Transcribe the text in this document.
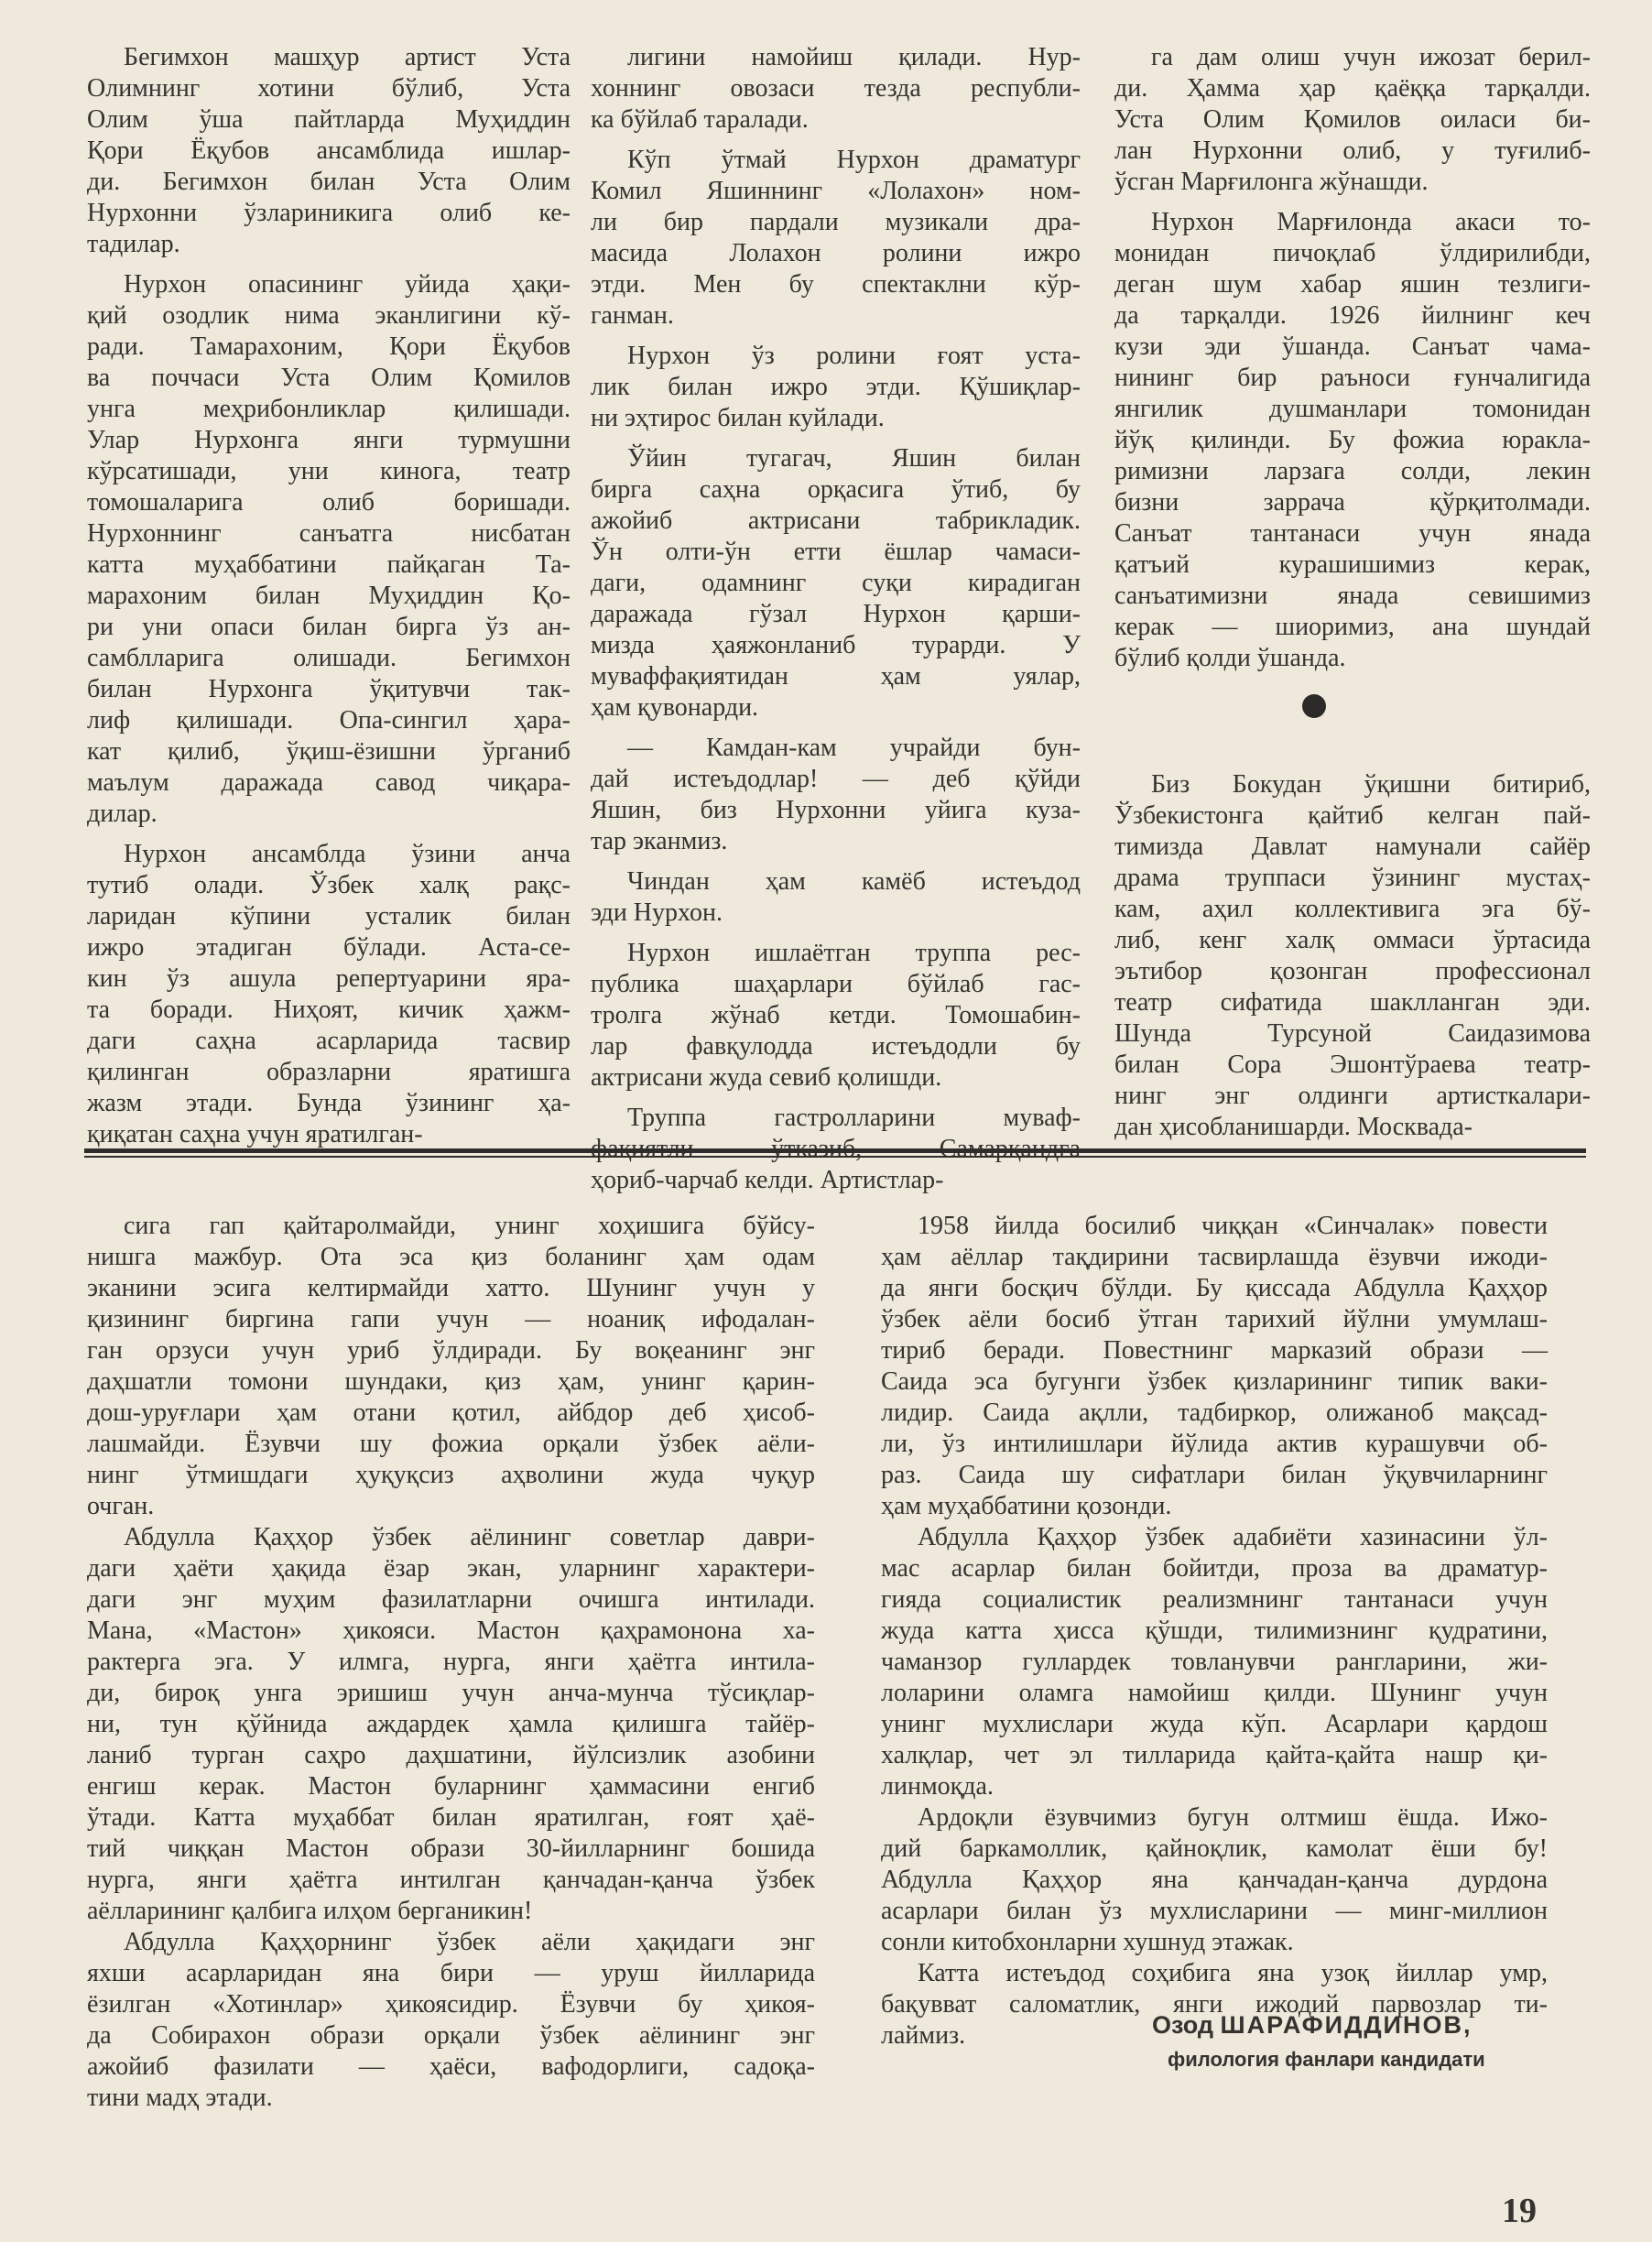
Бегимхон машҳур артист Уста
Олимнинг хотини бўлиб, Уста
Олим ўша пайтларда Муҳиддин
Қори Ёқубов ансамблида ишлар-
ди. Бегимхон билан Уста Олим
Нурхонни ўзлариникига олиб ке-
тадилар.
Нурхон опасининг уйида ҳақи-
қий озодлик нима эканлигини кў-
ради. Тамарахоним, Қори Ёқубов
ва поччаси Уста Олим Қомилов
унга меҳрибонликлар қилишади.
Улар Нурхонга янги турмушни
кўрсатишади, уни киногa, театр
томошаларига олиб боришади.
Нурхоннинг санъатга нисбатан
катта муҳаббатини пайқаган Та-
марахоним билан Муҳиддин Қо-
ри уни опаси билан бирга ўз ан-
самблларига олишади. Бегимхон
билан Нурхонга ўқитувчи так-
лиф қилишади. Опа-сингил ҳара-
кат қилиб, ўқиш-ёзишни ўрганиб
маълум даражада савод чиқара-
дилар.
Нурхон ансамблда ўзини анча
тутиб олади. Ўзбек халқ рақс-
ларидан кўпини усталик билан
ижро этадиган бўлади. Аста-се-
кин ўз ашула репертуарини яра-
та боради. Ниҳоят, кичик ҳажм-
даги саҳна асарларида тасвир
қилинган образларни яратишга
жазм этади. Бунда ўзининг ҳа-
қиқатан саҳна учун яратилган-
лигини намойиш қилади. Нур-
хоннинг овозаси тезда республи-
ка бўйлаб таралади.
Кўп ўтмай Нурхон драматург
Комил Яшиннинг «Лолахон» ном-
ли бир пардали музикали дра-
масида Лолахон ролини ижро
этди. Мен бу спектаклни кўр-
ганман.
Нурхон ўз ролини ғоят уста-
лик билан ижро этди. Қўшиқлар-
ни эҳтирос билан куйлади.
Ўйин тугагач, Яшин билан
бирга саҳна орқасига ўтиб, бу
ажойиб актрисани табрикладик.
Ўн олти-ўн етти ёшлар чамаси-
даги, одамнинг суқи кирадиган
даражада гўзал Нурхон қарши-
мизда ҳаяжонланиб турарди. У
муваффақиятидан ҳам уялар,
ҳам қувонарди.
— Камдан-кам учрайди бун-
дай истеъдодлар! — деб қўйди
Яшин, биз Нурхонни уйига куза-
тар эканмиз.
Чиндан ҳам камёб истеъдод
эди Нурхон.
Нурхон ишлаётган труппа рес-
публика шаҳарлари бўйлаб гас-
тролга жўнаб кетди. Томошабин-
лар фавқулодда истеъдодли бу
актрисани жуда севиб қолишди.
Труппа гастролларини муваф-
ҳориб-чарчаб келди. Артистлар-
га дам олиш учун ижозат берил-
ди. Ҳамма ҳар қаёққа тарқалди.
Уста Олим Қомилов оиласи би-
лан Нурхонни олиб, у туғилиб-
ўсган Марғилонга жўнашди.
Нурхон Марғилонда акаси то-
монидан пичоқлаб ўлдирилибди,
деган шум хабар яшин тезлиги-
да тарқалди. 1926 йилнинг кеч
кузи эди ўшанда. Санъат чама-
нининг бир раъноси ғунчалигида
янгилик душманлари томонидан
йўқ қилинди. Бу фожиа юракла-
римизни ларзага солди, лекин
бизни заррача қўрқитолмади.
Санъат тантанаси учун янада
қатъий курашишимиз керак,
санъатимизни янада севишимиз
керак — шиоримиз, ана шундай
бўлиб қолди ўшанда.
Биз Бокудан ўқишни битириб,
Ўзбекистонга қайтиб келган пай-
тимизда Давлат намунали сайёр
драма труппаси ўзининг мустаҳ-
кам, аҳил коллективига эга бў-
либ, кенг халқ оммаси ўртасида
эътибор қозонган профессионал
театр сифатида шаклланган эди.
Шунда Турсуной Саидазимова
билан Сора Эшонтўраева театр-
нинг энг олдинги артисткалари-
дан ҳисобланишарди. Москвада-
сига гап қайтаролмайди, унинг хоҳишига бўйсу-
нишга мажбур. Ота эса қиз боланинг ҳам одам
эканини эсига келтирмайди хатто. Шунинг учун у
қизининг биргина гапи учун — ноаниқ ифодалан-
ган орзуси учун уриб ўлдиради. Бу воқеанинг энг
даҳшатли томони шундаки, қиз ҳам, унинг қарин-
дош-уруғлари ҳам отани қотил, айбдор деб ҳисоб-
лашмайди. Ёзувчи шу фожиа орқали ўзбек аёли-
нинг ўтмишдаги ҳуқуқсиз аҳволини жуда чуқур
очган.
Абдулла Қаҳҳор ўзбек аёлининг советлар даври-
даги ҳаёти ҳақида ёзар экан, уларнинг характери-
даги энг муҳим фазилатларни очишга интилади.
Мана, «Мастон» ҳикояси. Мастон қаҳрамонона ха-
рактерга эга. У илмга, нурга, янги ҳаётга интила-
ди, бироқ унга эришиш учун анча-мунча тўсиқлар-
ни, тун қўйнида аждардек ҳамла қилишга тайёр-
ланиб турган саҳро даҳшатини, йўлсизлик азобини
енгиш керак. Мастон буларнинг ҳаммасини енгиб
ўтади. Катта муҳаббат билан яратилган, ғоят ҳаё-
тий чиққан Мастон образи 30-йилларнинг бошида
нурга, янги ҳаётга интилган қанчадан-қанча ўзбек
аёлларининг қалбига илҳом берганикин!
Абдулла Қаҳҳорнинг ўзбек аёли ҳақидаги энг
яхши асарларидан яна бири — уруш йилларида
ёзилган «Хотинлар» ҳикоясидир. Ёзувчи бу ҳикоя-
да Собирахон образи орқали ўзбек аёлининг энг
ажойиб фазилати — ҳаёси, вафодорлиги, садоқа-
тини мадҳ этади.
1958 йилда босилиб чиққан «Синчалак» повести
ҳам аёллар тақдирини тасвирлашда ёзувчи ижоди-
да янги босқич бўлди. Бу қиссада Абдулла Қаҳҳор
ўзбек аёли босиб ўтган тарихий йўлни умумлаш-
тириб беради. Повестнинг марказий образи —
Саида эса бугунги ўзбек қизларининг типик ваки-
лидир. Саида ақлли, тадбиркор, олижаноб мақсад-
ли, ўз интилишлари йўлида актив курашувчи об-
раз. Саида шу сифатлари билан ўқувчиларнинг
ҳам муҳаббатини қозонди.
Абдулла Қаҳҳор ўзбек адабиёти хазинасини ўл-
мас асарлар билан бойитди, проза ва драматур-
гияда социалистик реализмнинг тантанаси учун
жуда катта ҳисса қўшди, тилимизнинг қудратини,
чаманзор гуллардек товланувчи рангларини, жи-
лоларини оламга намойиш қилди. Шунинг учун
унинг мухлислари жуда кўп. Асарлари қардош
халқлар, чет эл тилларида қайта-қайта нашр қи-
линмоқда.
Ардоқли ёзувчимиз бугун олтмиш ёшда. Ижо-
дий баркамоллик, қайноқлик, камолат ёши бу!
Абдулла Қаҳҳор яна қанчадан-қанча дурдона
асарлари билан ўз мухлисларини — минг-миллион
сонли китобхонларни хушнуд этажак.
Катта истеъдод соҳибига яна узоқ йиллар умр,
бақувват саломатлик, янги ижодий парвозлар ти-
лаймиз.	Озод ШАРАФИДДИНОВ,
филология фанлари кандидати
19
